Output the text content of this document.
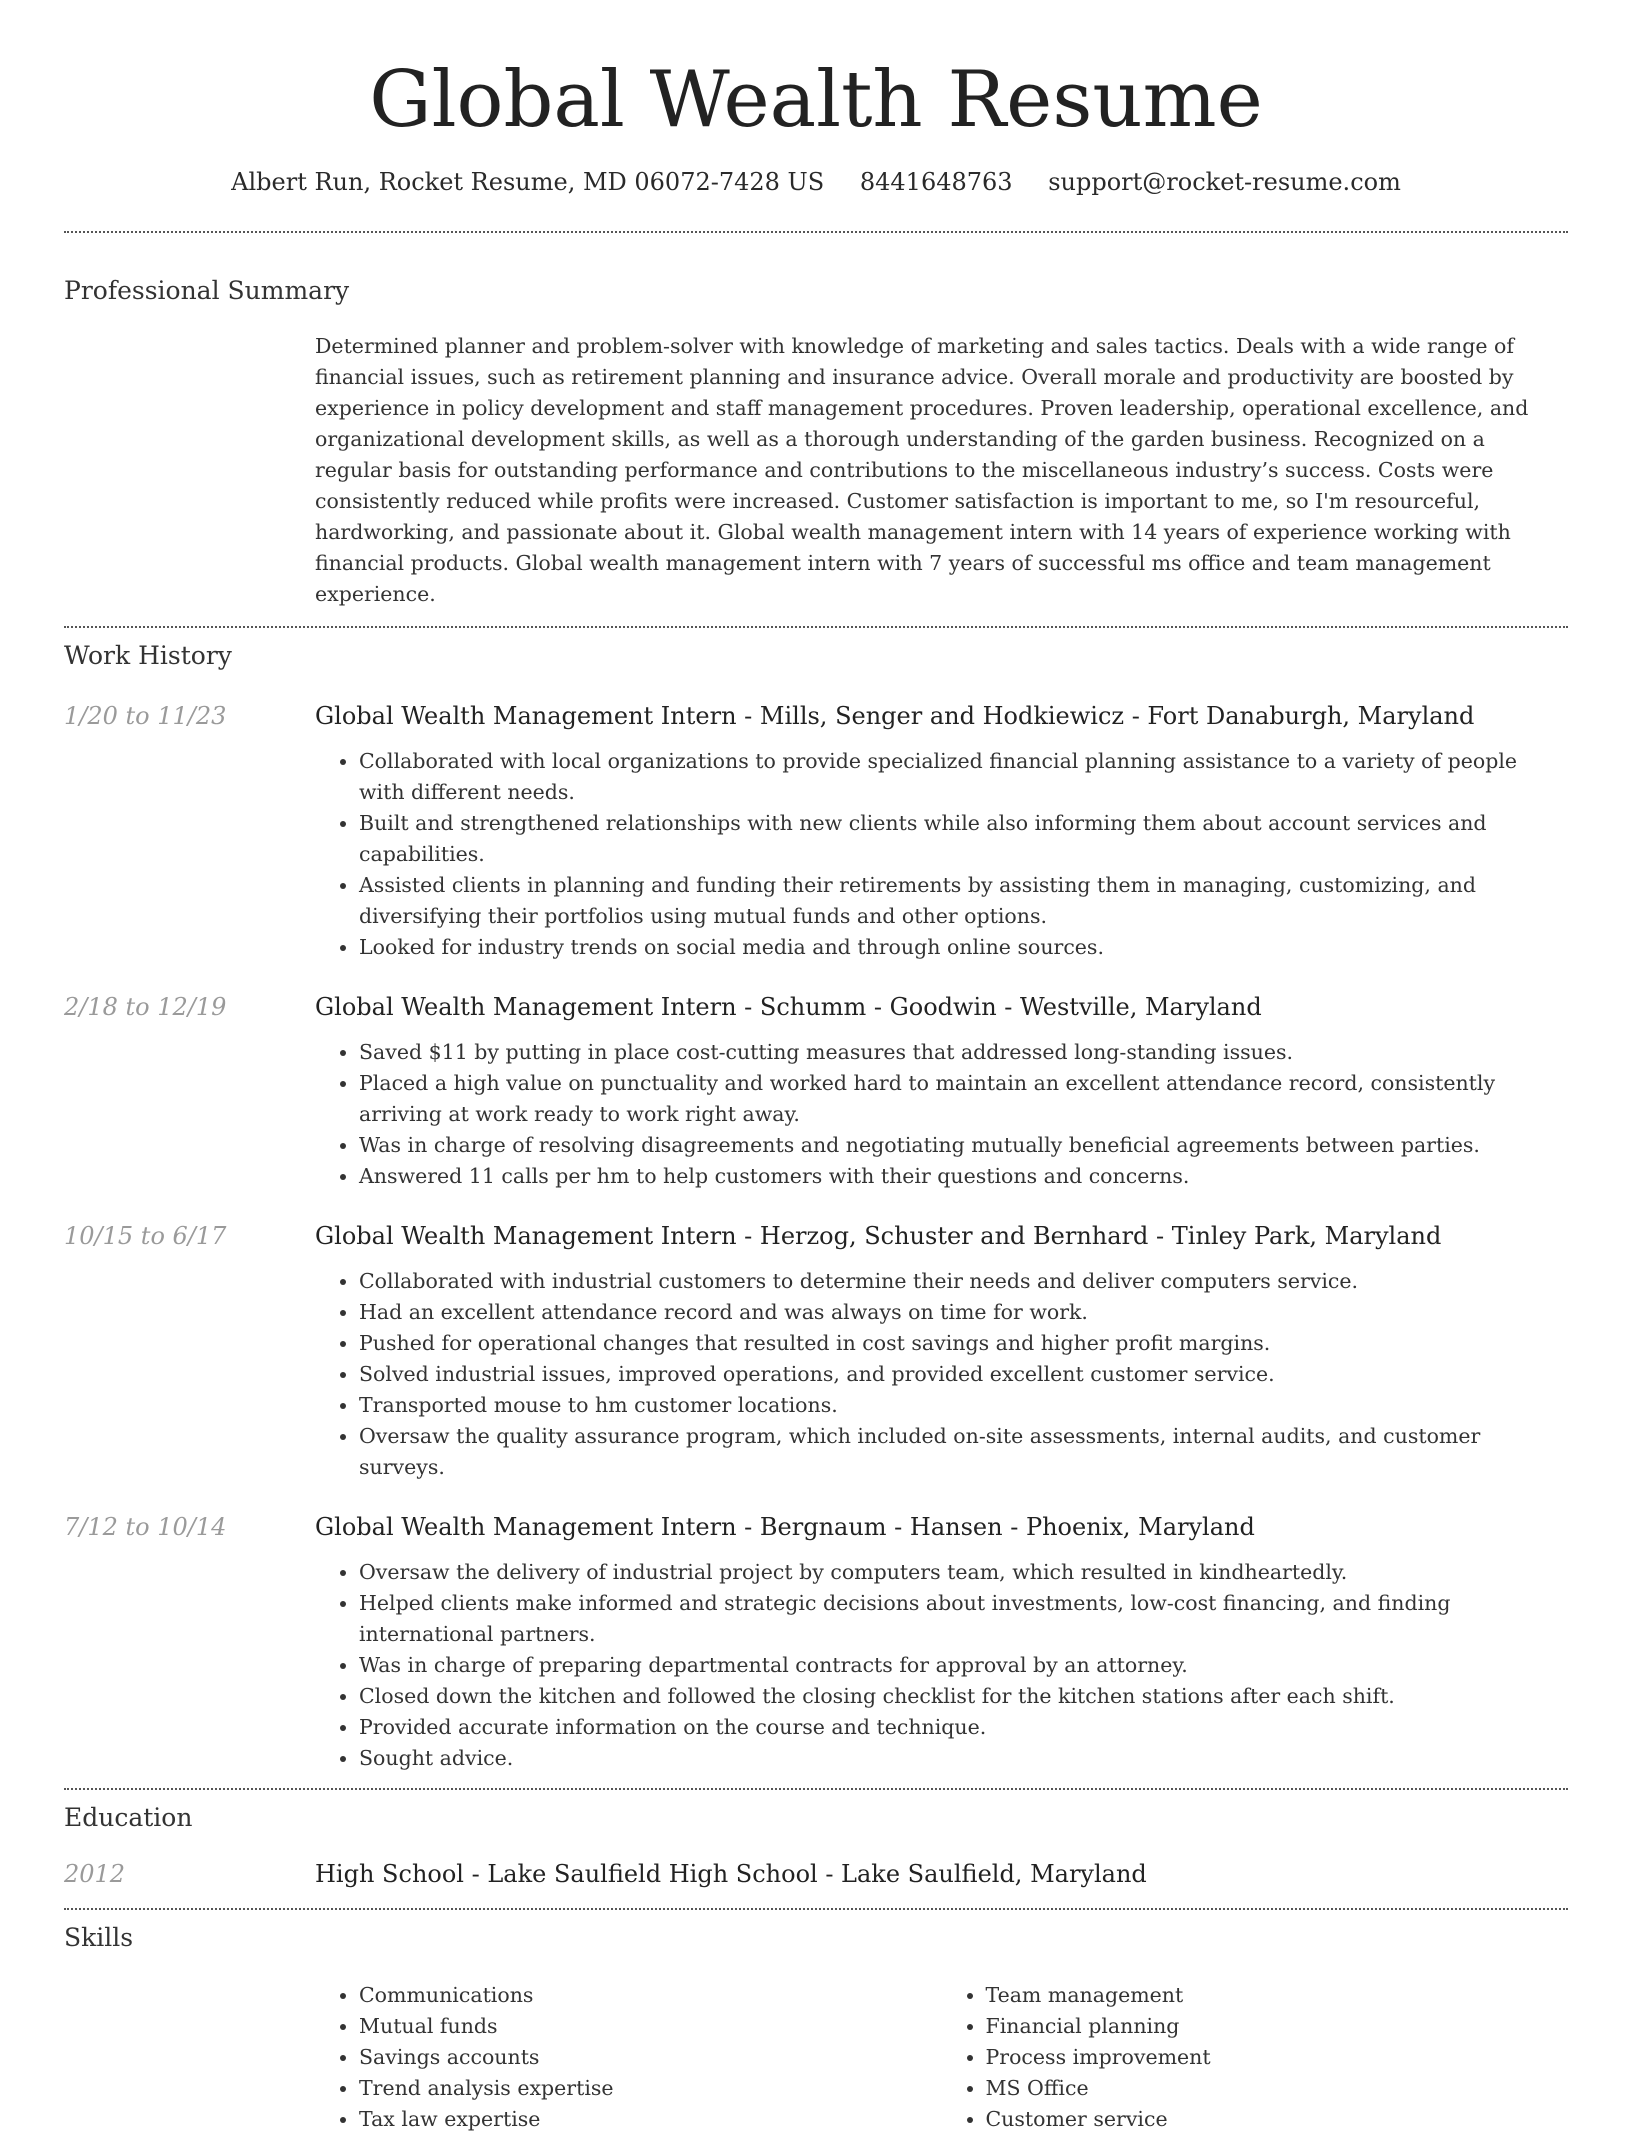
Global Wealth Resume
Albert Run, Rocket Resume, MD 06072-7428 US 8441648763 support@rocket-resume.com
Professional Summary

Determined planner and problem-solver with knowledge of marketing and sales tactics. Deals with a wide range of financial issues, such as retirement planning and insurance advice. Overall morale and productivity are boosted by experience in policy development and staff management procedures. Proven leadership, operational excellence, and organizational development skills, as well as a thorough understanding of the garden business. Recognized on a regular basis for outstanding performance and contributions to the miscellaneous industry’s success. Costs were consistently reduced while profits were increased. Customer satisfaction is important to me, so I'm resourceful, hardworking, and passionate about it. Global wealth management intern with 14 years of experience working with financial products. Global wealth management intern with 7 years of successful ms office and team management experience.

Work History
1/20 to 11/23	Global Wealth Management Intern - Mills, Senger and Hodkiewicz - Fort Danaburgh, Maryland
• Collaborated with local organizations to provide specialized financial planning assistance to a variety of people with different needs.
• Built and strengthened relationships with new clients while also informing them about account services and capabilities.
• Assisted clients in planning and funding their retirements by assisting them in managing, customizing, and diversifying their portfolios using mutual funds and other options.
• Looked for industry trends on social media and through online sources.
2/18 to 12/19	Global Wealth Management Intern - Schumm - Goodwin - Westville, Maryland
• Saved $11 by putting in place cost-cutting measures that addressed long-standing issues.
• Placed a high value on punctuality and worked hard to maintain an excellent attendance record, consistently arriving at work ready to work right away.
• Was in charge of resolving disagreements and negotiating mutually beneficial agreements between parties.
• Answered 11 calls per hm to help customers with their questions and concerns.
10/15 to 6/17	Global Wealth Management Intern - Herzog, Schuster and Bernhard - Tinley Park, Maryland
• Collaborated with industrial customers to determine their needs and deliver computers service.
• Had an excellent attendance record and was always on time for work.
• Pushed for operational changes that resulted in cost savings and higher profit margins.
• Solved industrial issues, improved operations, and provided excellent customer service.
• Transported mouse to hm customer locations.
• Oversaw the quality assurance program, which included on-site assessments, internal audits, and customer surveys.
7/12 to 10/14	Global Wealth Management Intern - Bergnaum - Hansen - Phoenix, Maryland
• Oversaw the delivery of industrial project by computers team, which resulted in kindheartedly.
• Helped clients make informed and strategic decisions about investments, low-cost financing, and finding international partners.
• Was in charge of preparing departmental contracts for approval by an attorney.
• Closed down the kitchen and followed the closing checklist for the kitchen stations after each shift.
• Provided accurate information on the course and technique.
• Sought advice.
Education
2012	High School - Lake Saulfield High School - Lake Saulfield, Maryland
Skills
• Communications
• Mutual funds
• Savings accounts
• Trend analysis expertise
• Tax law expertise
• Team management
• Financial planning
• Process improvement
• MS Office
• Customer service
